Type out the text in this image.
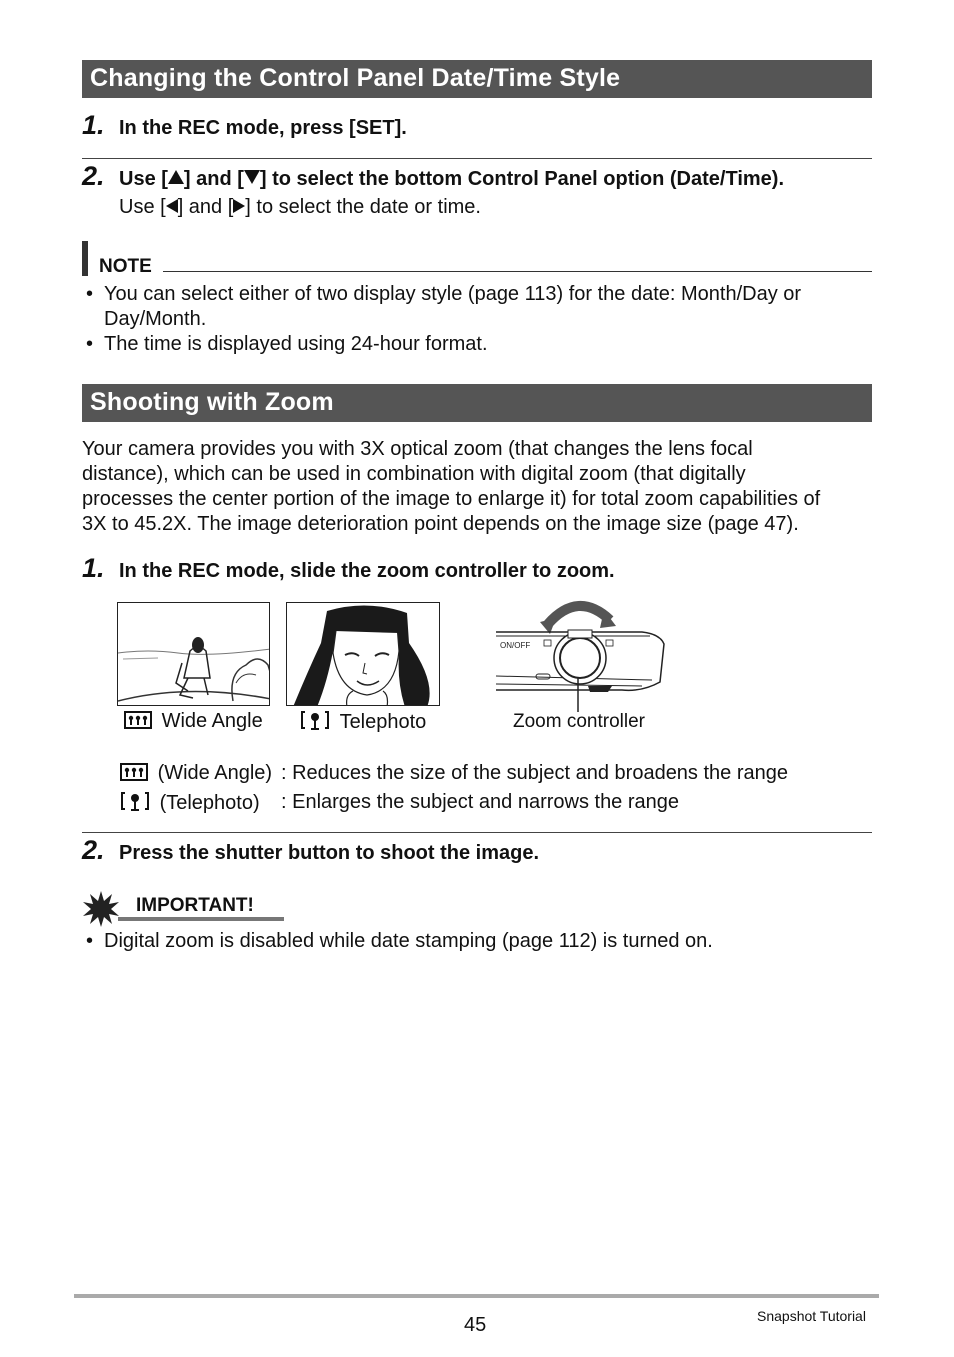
Changing the Control Panel Date/Time Style
1. In the REC mode, press [SET].
2. Use [ ] and [ ] to select the bottom Control Panel option (Date/Time).
Use [ ] and [ ] to select the date or time.
NOTE
• You can select either of two display style (page 113) for the date: Month/Day or
Day/Month.
• The time is displayed using 24-hour format.
Shooting with Zoom
Your camera provides you with 3X optical zoom (that changes the lens focal
distance), which can be used in combination with digital zoom (that digitally
processes the center portion of the image to enlarge it) for total zoom capabilities of
3X to 45.2X. The image deterioration point depends on the image size (page 47).
1. In the REC mode, slide the zoom controller to zoom.
ON/OFF
Wide Angle	Telephoto	Zoom controller
(Wide Angle) : Reduces the size of the subject and broadens the range
(Telephoto) : Enlarges the subject and narrows the range
2. Press the shutter button to shoot the image.
IMPORTANT!
• Digital zoom is disabled while date stamping (page 112) is turned on.
45	Snapshot Tutorial
